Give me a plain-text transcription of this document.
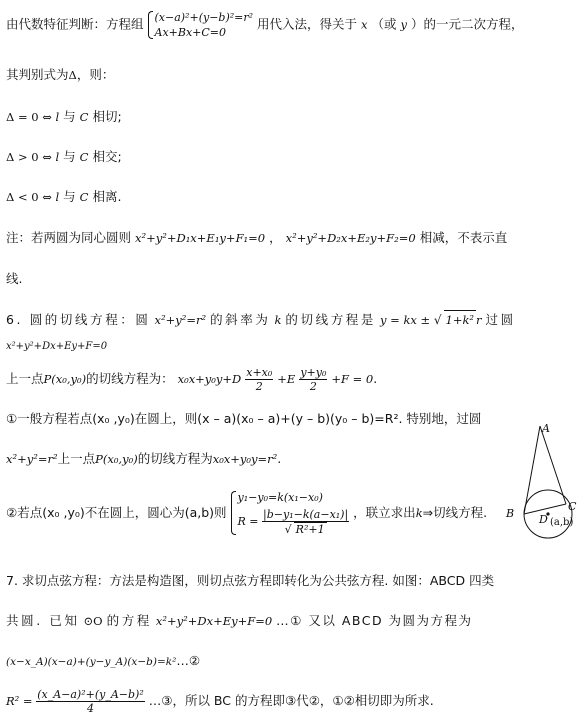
由代数特征判断：方程组 (x−a)²+(y−b)²=r²
Ax+Bx+C=0
用代入法，得关于 x （或 y ）的一元二次方程，
其判别式为Δ，则：
Δ = 0 ⇔ l 与 C 相切;
Δ > 0 ⇔ l 与 C 相交;
Δ < 0 ⇔ l 与 C 相离.
注：若两圆为同心圆则 x²+y²+D₁x+E₁y+F₁=0 ， x²+y²+D₂x+E₂y+F₂=0 相减，不表示直
线.
6. 圆的切线方程：圆 x²+y²=r² 的斜率为 k 的切线方程是 y = kx ± √ 1+k² r 过圆
x²+y²+Dx+Ey+F=0
上一点P(x₀,y₀)的切线方程为： $x_0x+y_0y+D \frac{\text{x+x₀}}{2} +E \frac{\text{y+y₀}}{2} +F = 0$.
①一般方程若点(x₀ ,y₀)在圆上，则(x – a)(x₀ – a)+(y – b)(y₀ – b)=R². 特别地，过圆
x²+y²=r²上一点P(x₀,y₀)的切线方程为x₀x+y₀y=r².
②若点(x₀ ,y₀)不在圆上，圆心为(a,b)则
y₁−y₀=k(x₁−x₀)
$R = \frac{\text{|b−y₁−k(a−x₁)|}}{\text{√ R²+1}}$ ，联立求出k⇒切线方程.
A
B
C
D (a,b)
7. 求切点弦方程：方法是构造图，则切点弦方程即转化为公共弦方程. 如图：ABCD 四类
共圆. 已知 ⊙O 的方程 x²+y²+Dx+Ey+F=0 …① 又以 ABCD 为圆为方程为
(x−x_A)(x−a)+(y−y_A)(x−b)=k²…②
$R^2 = \frac{\text{(x\_A−a)²+(y\_A−b)²}}{4}$ …③，所以 BC 的方程即③代②，①②相切即为所求.
